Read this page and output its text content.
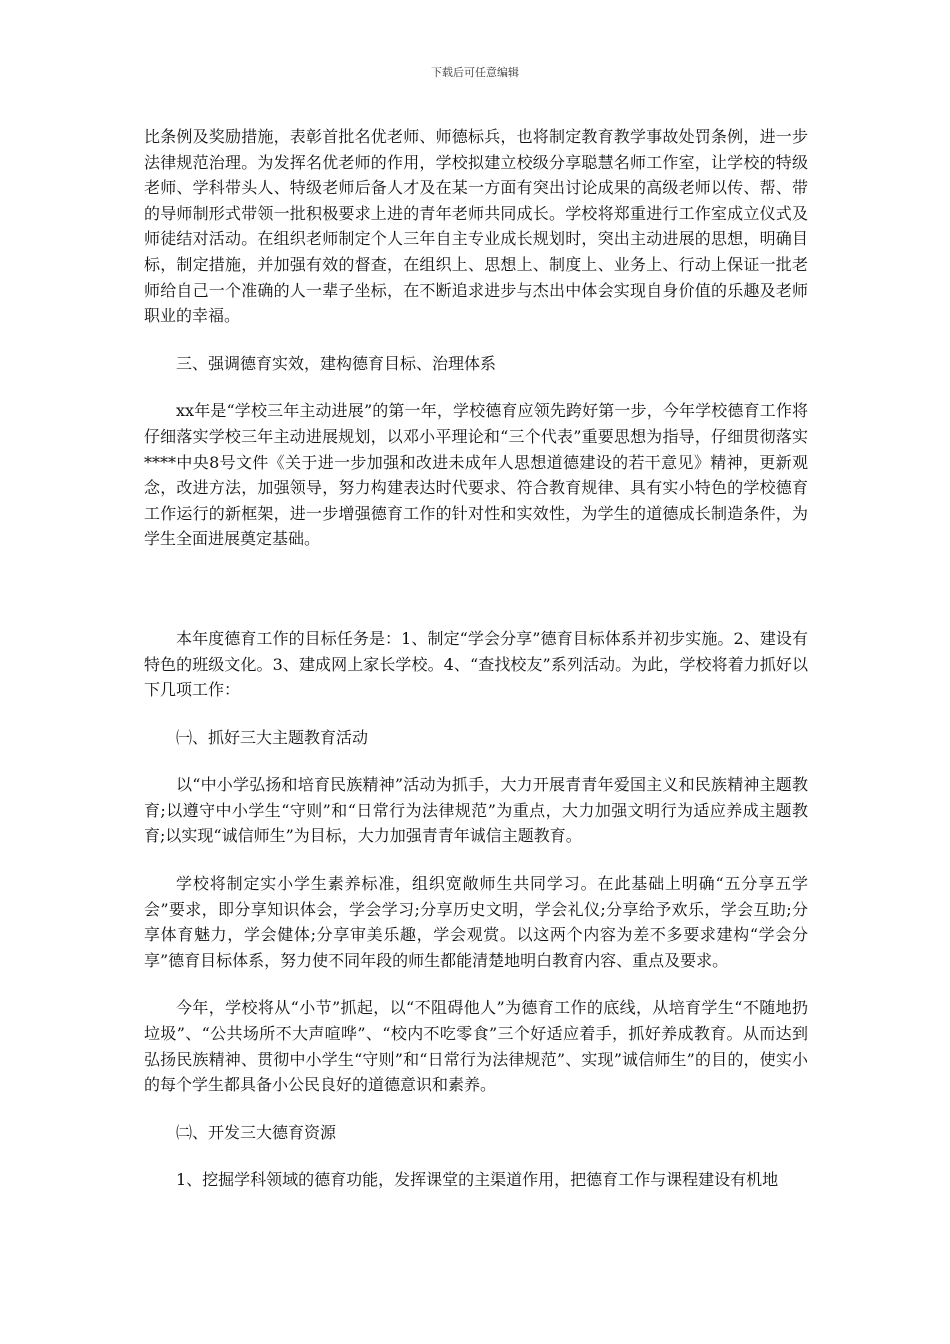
下载后可任意编辑

比条例及奖励措施，表彰首批名优老师、师德标兵，也将制定教育教学事故处罚条例，进一步法律规范治理。为发挥名优老师的作用，学校拟建立校级分享聪慧名师工作室，让学校的特级老师、学科带头人、特级老师后备人才及在某一方面有突出讨论成果的高级老师以传、帮、带的导师制形式带领一批积极要求上进的青年老师共同成长。学校将郑重进行工作室成立仪式及师徒结对活动。在组织老师制定个人三年自主专业成长规划时，突出主动进展的思想，明确目标，制定措施，并加强有效的督查，在组织上、思想上、制度上、业务上、行动上保证一批老师给自己一个准确的人一辈子坐标，在不断追求进步与杰出中体会实现自身价值的乐趣及老师职业的幸福。

三、强调德育实效，建构德育目标、治理体系

xx年是“学校三年主动进展”的第一年，学校德育应领先跨好第一步，今年学校德育工作将仔细落实学校三年主动进展规划，以邓小平理论和“三个代表”重要思想为指导，仔细贯彻落实****中央8号文件《关于进一步加强和改进未成年人思想道德建设的若干意见》精神，更新观念，改进方法，加强领导，努力构建表达时代要求、符合教育规律、具有实小特色的学校德育工作运行的新框架，进一步增强德育工作的针对性和实效性，为学生的道德成长制造条件，为学生全面进展奠定基础。

本年度德育工作的目标任务是：1、制定“学会分享”德育目标体系并初步实施。2、建设有特色的班级文化。3、建成网上家长学校。4、“查找校友”系列活动。为此，学校将着力抓好以下几项工作：

㈠、抓好三大主题教育活动

以“中小学弘扬和培育民族精神”活动为抓手，大力开展青青年爱国主义和民族精神主题教育;以遵守中小学生“守则”和“日常行为法律规范”为重点，大力加强文明行为适应养成主题教育;以实现“诚信师生”为目标，大力加强青青年诚信主题教育。

学校将制定实小学生素养标准，组织宽敞师生共同学习。在此基础上明确“五分享五学会”要求，即分享知识体会，学会学习;分享历史文明，学会礼仪;分享给予欢乐，学会互助;分享体育魅力，学会健体;分享审美乐趣，学会观赏。以这两个内容为差不多要求建构“学会分享”德育目标体系，努力使不同年段的师生都能清楚地明白教育内容、重点及要求。

今年，学校将从“小节”抓起，以“不阻碍他人”为德育工作的底线，从培育学生“不随地扔垃圾”、“公共场所不大声喧哗”、“校内不吃零食”三个好适应着手，抓好养成教育。从而达到弘扬民族精神、贯彻中小学生“守则”和“日常行为法律规范”、实现”诚信师生”的目的，使实小的每个学生都具备小公民良好的道德意识和素养。

㈡、开发三大德育资源

1、挖掘学科领域的德育功能，发挥课堂的主渠道作用，把德育工作与课程建设有机地
